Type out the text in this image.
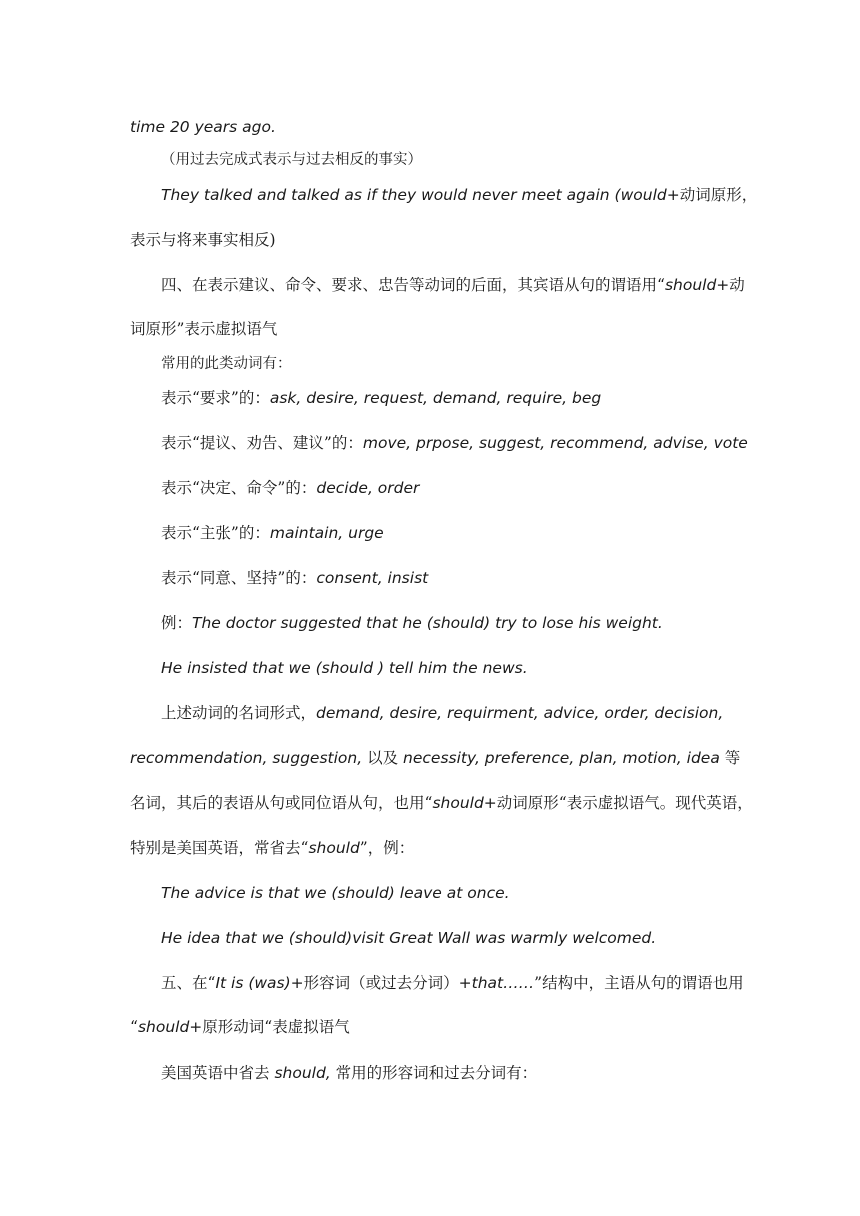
time 20 years ago.
（用过去完成式表示与过去相反的事实）
They talked and talked as if they would never meet again (would+动词原形，
表示与将来事实相反)
四、在表示建议、命令、要求、忠告等动词的后面，其宾语从句的谓语用“should+动
词原形”表示虚拟语气
常用的此类动词有：
表示“要求”的：ask, desire, request, demand, require, beg
表示“提议、劝告、建议”的：move, prpose, suggest, recommend, advise, vote
表示“决定、命令”的：decide, order
表示“主张”的：maintain, urge
表示“同意、坚持”的：consent, insist
例：The doctor suggested that he (should) try to lose his weight.
He insisted that we (should ) tell him the news.
上述动词的名词形式，demand, desire, requirment, advice, order, decision,
recommendation, suggestion, 以及 necessity, preference, plan, motion, idea 等
名词，其后的表语从句或同位语从句，也用“should+动词原形“表示虚拟语气。现代英语，
特别是美国英语，常省去“should”，例：
The advice is that we (should) leave at once.
He idea that we (should)visit Great Wall was warmly welcomed.
五、在“It is (was)+形容词（或过去分词）+that……”结构中，主语从句的谓语也用
“should+原形动词“表虚拟语气
美国英语中省去 should, 常用的形容词和过去分词有：
